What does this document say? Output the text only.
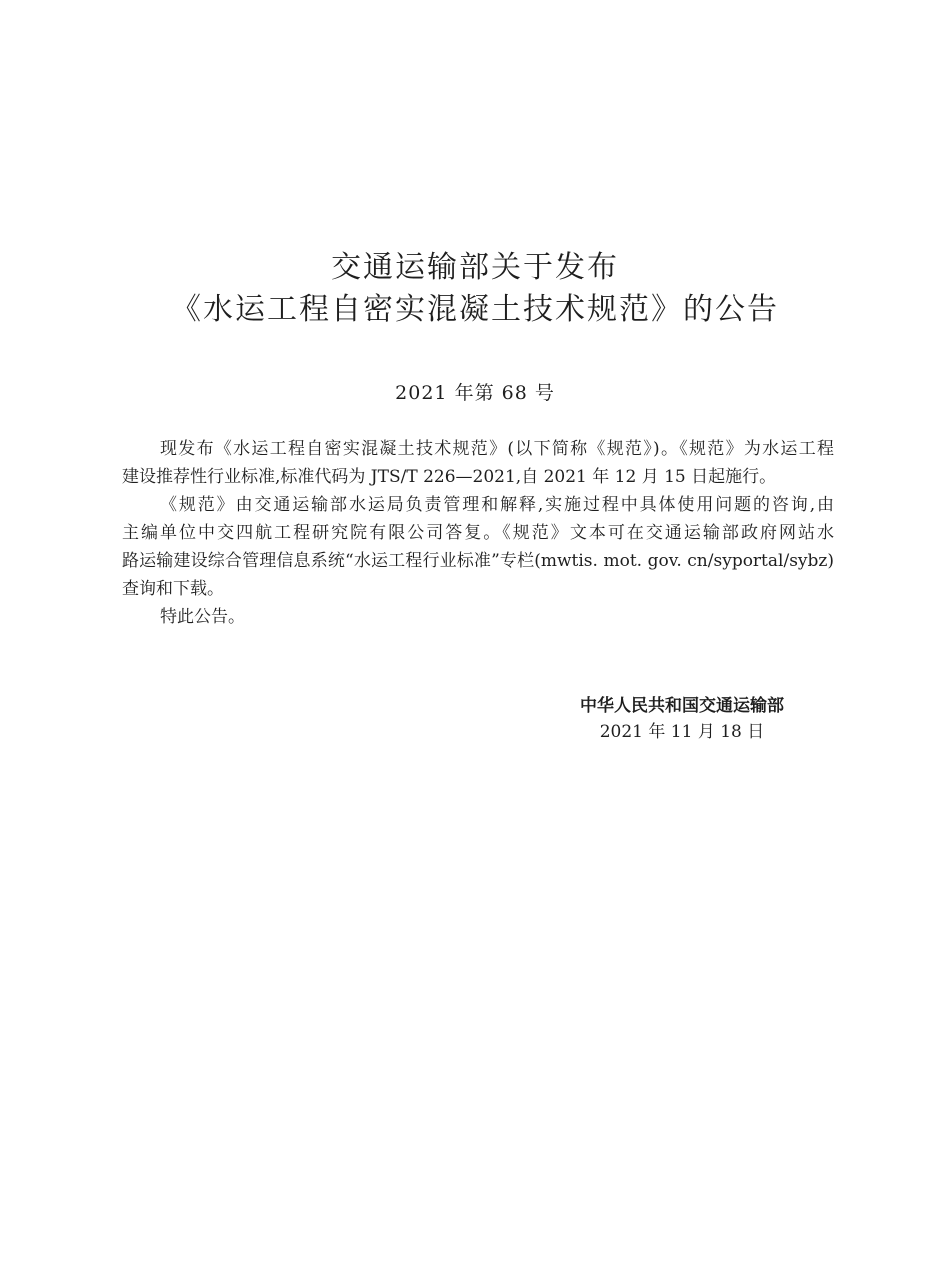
交通运输部关于发布
《水运工程自密实混凝土技术规范》的公告
2021 年第 68 号
现发布《水运工程自密实混凝土技术规范》(以下简称《规范》)。《规范》为水运工程
建设推荐性行业标准,标准代码为 JTS/T 226—2021,自 2021 年 12 月 15 日起施行。
《规范》由交通运输部水运局负责管理和解释,实施过程中具体使用问题的咨询,由
主编单位中交四航工程研究院有限公司答复。《规范》文本可在交通运输部政府网站水
路运输建设综合管理信息系统“水运工程行业标准”专栏(mwtis. mot. gov. cn/syportal/sybz)
查询和下载。
特此公告。
中华人民共和国交通运输部
2021 年 11 月 18 日
